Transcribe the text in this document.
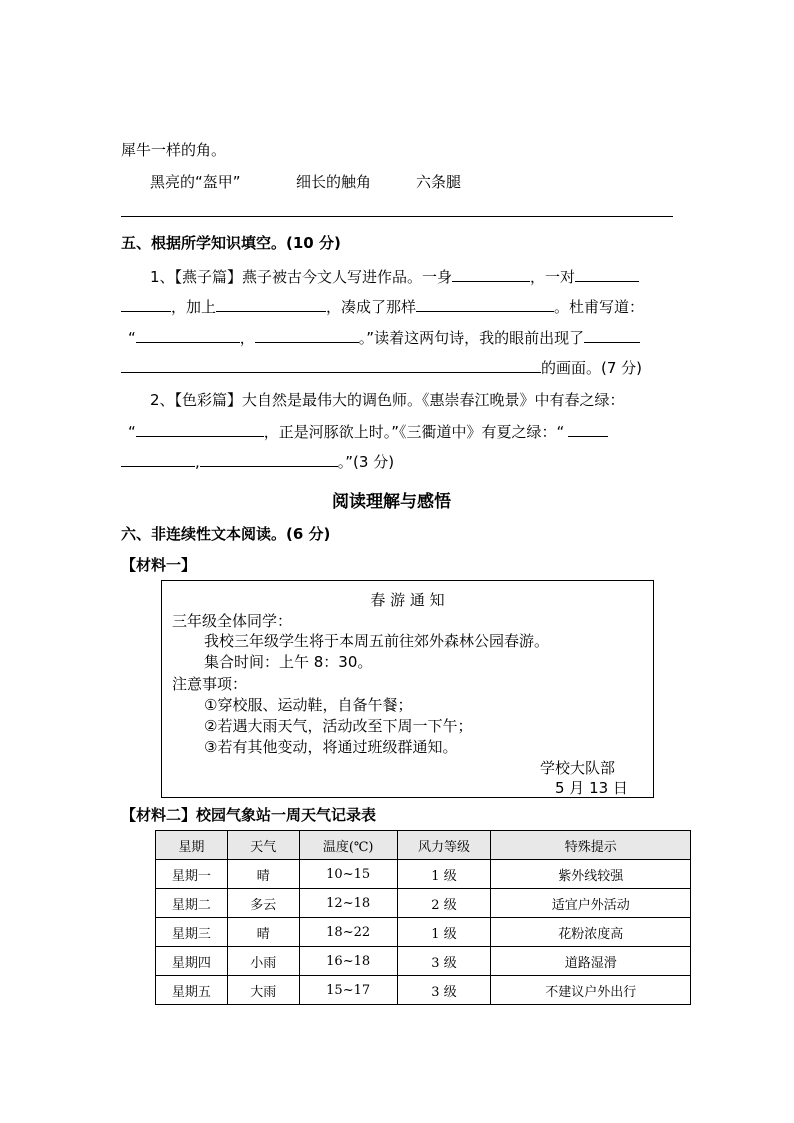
犀牛一样的角。
黑亮的“盔甲”	细长的触角	六条腿
五、根据所学知识填空。(10 分)
1、【燕子篇】燕子被古今文人写进作品。一身	，一对
，加上	，凑成了那样	。杜甫写道：
“	，	。”读着这两句诗，我的眼前出现了
的画面。(7 分)
2、【色彩篇】大自然是最伟大的调色师。《惠崇春江晚景》中有春之绿：
“	，正是河豚欲上时。”《三衢道中》有夏之绿：“
,	。”(3 分)
阅读理解与感悟
六、非连续性文本阅读。(6 分)
【材料一】
春 游 通 知
三年级全体同学：
我校三年级学生将于本周五前往郊外森林公园春游。
集合时间：上午 8：30。
注意事项：
①穿校服、运动鞋，自备午餐；
②若遇大雨天气，活动改至下周一下午；
③若有其他变动，将通过班级群通知。
学校大队部
5 月 13 日
【材料二】校园气象站一周天气记录表
星期	天气	温度(℃)	风力等级	特殊提示
星期一	晴	10~15	1 级	紫外线较强
星期二	多云	12~18	2 级	适宜户外活动
星期三	晴	18~22	1 级	花粉浓度高
星期四	小雨	16~18	3 级	道路湿滑
星期五	大雨	15~17	3 级	不建议户外出行
